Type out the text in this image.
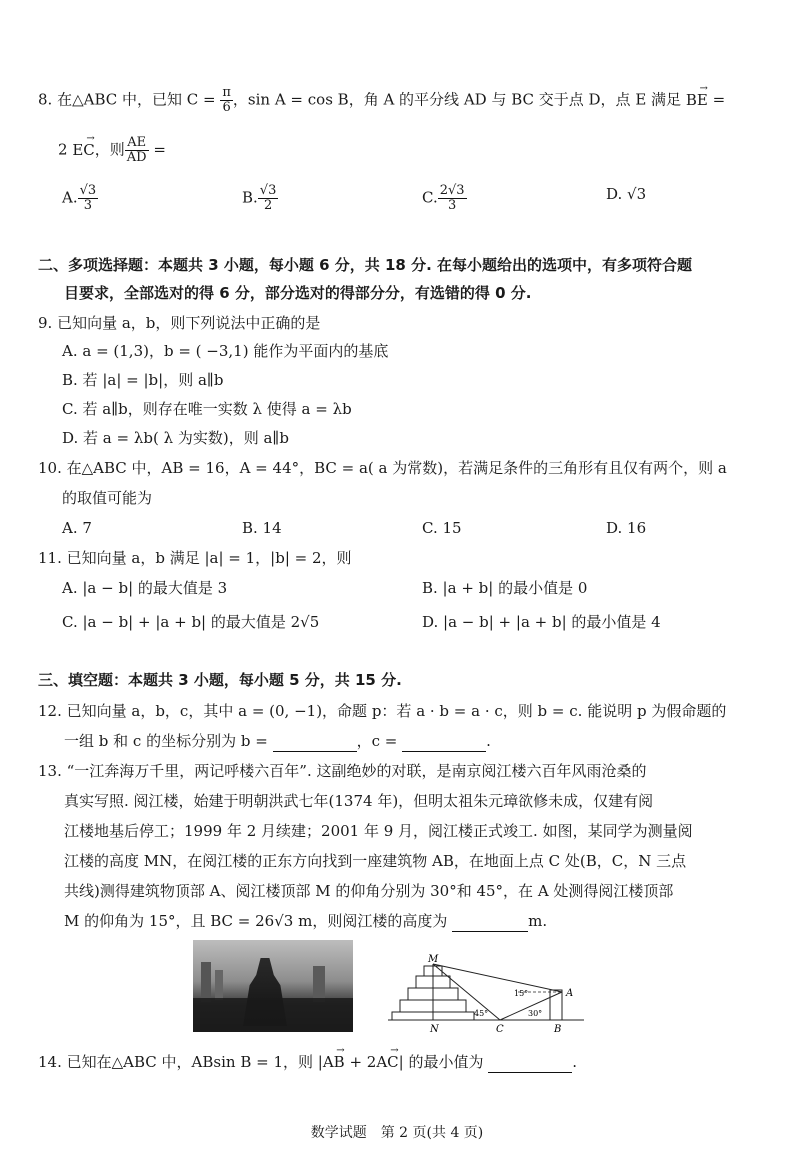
8. 在△ABC 中，已知 $C = \frac{\pi}{6}$ ，sin A = cos B，角 A 的平分线 AD 与 BC 交于点 D，点 E 满足
→
BE =
2
→
EC，则 $\frac{AE}{AD}$ =
A. $\frac{√3}{3}$	B. $\frac{√3}{2}$	C. $\frac{2√3}{3}$	D. √3
二、多项选择题：本题共 3 小题，每小题 6 分，共 18 分. 在每小题给出的选项中，有多项符合题
目要求，全部选对的得 6 分，部分选对的得部分分，有选错的得 0 分.
9. 已知向量 a，b，则下列说法中正确的是
A. a = (1,3)，b = ( −3,1) 能作为平面内的基底
B. 若 |a| = |b|，则 a∥b
C. 若 a∥b，则存在唯一实数 λ 使得 a = λb
D. 若 a = λb( λ 为实数)，则 a∥b
10. 在△ABC 中，AB = 16，A = 44°，BC = a( a 为常数)，若满足条件的三角形有且仅有两个，则 a
的取值可能为
A. 7	B. 14	C. 15	D. 16
11. 已知向量 a，b 满足 |a| = 1，|b| = 2，则
A. |a − b| 的最大值是 3	B. |a + b| 的最小值是 0
C. |a − b| + |a + b| 的最大值是 2√5	D. |a − b| + |a + b| 的最小值是 4
三、填空题：本题共 3 小题，每小题 5 分，共 15 分.
12. 已知向量 a，b，c，其中 a = (0, −1)，命题 p：若 a · b = a · c，则 b = c. 能说明 p 为假命题的
一组 b 和 c 的坐标分别为 b =	，c =	.
13. “一江奔海万千里，两记呼楼六百年”. 这副绝妙的对联，是南京阅江楼六百年风雨沧桑的
真实写照. 阅江楼，始建于明朝洪武七年(1374 年)，但明太祖朱元璋欲修未成，仅建有阅
江楼地基后停工；1999 年 2 月续建；2001 年 9 月，阅江楼正式竣工. 如图，某同学为测量阅
江楼的高度 MN，在阅江楼的正东方向找到一座建筑物 AB，在地面上点 C 处(B，C，N 三点
共线)测得建筑物顶部 A、阅江楼顶部 M 的仰角分别为 30°和 45°，在 A 处测得阅江楼顶部
M 的仰角为 15°，且 BC = 26√3 m，则阅江楼的高度为	m.
M
N	C	B
A
15°
45°	30°
14. 已知在△ABC 中，ABsin B = 1，则 |
→
AB + 2
→
AC| 的最小值为	.
数学试题　第 2 页(共 4 页)
